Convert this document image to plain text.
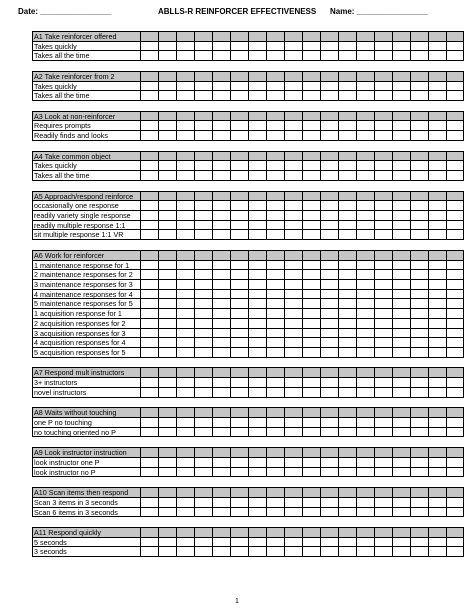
Date: ________________	ABLLS-R REINFORCER EFFECTIVENESS Name: ________________
A1 Take reinforcer offered
Takes quickly
Takes all the time
A2 Take reinforcer from 2
Takes quickly
Takes all the time
A3 Look at non-reinforcer
Requires prompts
Readily finds and looks
A4 Take common object
Takes quickly
Takes all the time
A5 Approach/respond reinforce
occasionally one response
readily variety single response
readily multiple response 1:1
sit multiple response 1:1 VR
A6 Work for reinforcer
1 maintenance response for 1
2 maintenance responses for 2
3 maintenance responses for 3
4 maintenance responses for 4
5 maintenance responses for 5
1 acquisition response for 1
2 acquisition responses for 2
3 acquisition responses for 3
4 acquisition responses for 4
5 acquisition responses for 5
A7 Respond mult instructors
3+ instructors
novel instructors
A8 Waits without touching
one P no touching
no touching oriented no P
A9 Look instructor instruction
look instructor one P
look instructor no P
A10 Scan items then respond
Scan 3 items in 3 seconds
Scan 6 items in 3 seconds
A11 Respond quickly
5 seconds
3 seconds
1
